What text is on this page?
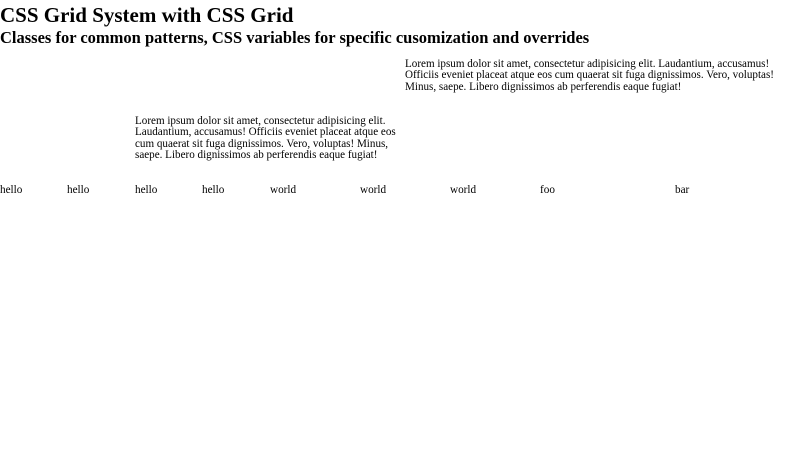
CSS Grid System with CSS Grid
Classes for common patterns, CSS variables for specific cusomization and overrides

Lorem ipsum dolor sit amet, consectetur adipisicing elit. Laudantium, accusamus! Officiis eveniet placeat atque eos cum quaerat sit fuga dignissimos. Vero, voluptas! Minus, saepe. Libero dignissimos ab perferendis eaque fugiat!

Lorem ipsum dolor sit amet, consectetur adipisicing elit. Laudantium, accusamus! Officiis eveniet placeat atque eos cum quaerat sit fuga dignissimos. Vero, voluptas! Minus, saepe. Libero dignissimos ab perferendis eaque fugiat!

hello	hello	hello	hello	world	world	world	foo	bar
